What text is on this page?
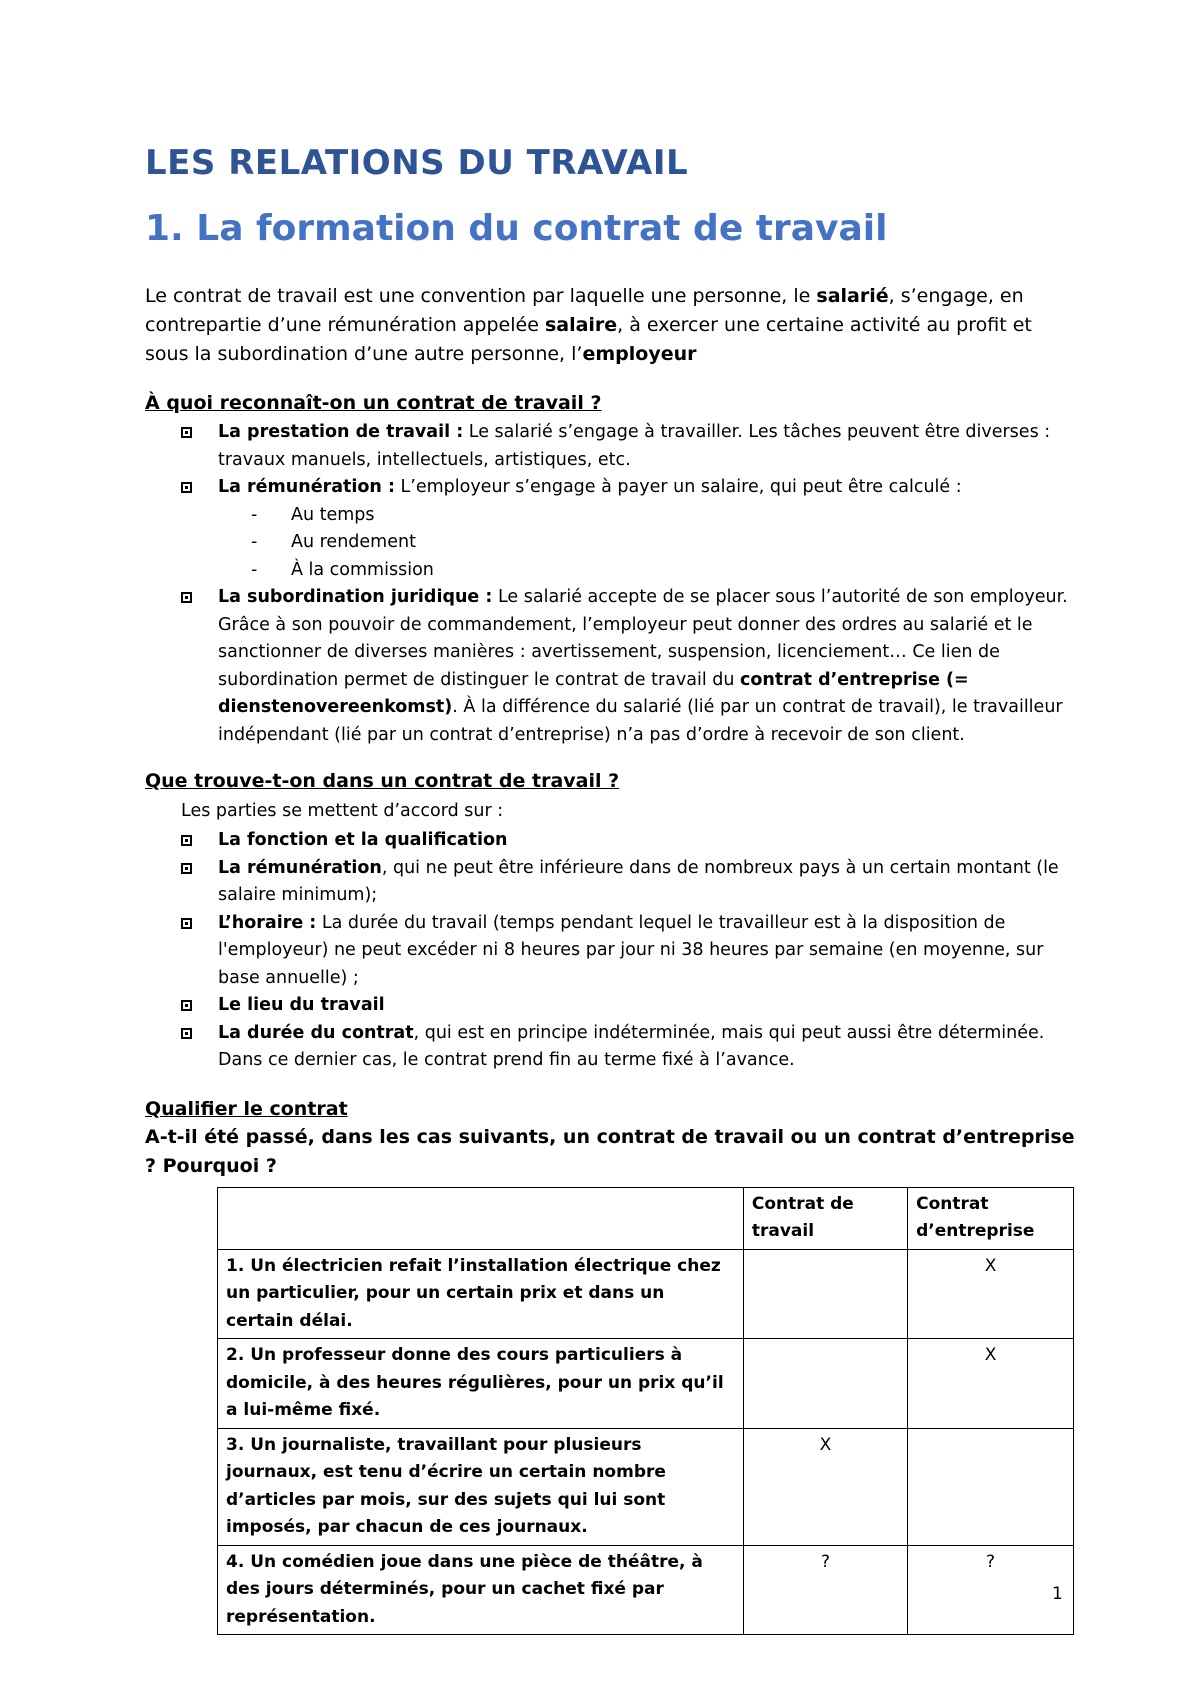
LES RELATIONS DU TRAVAIL
1. La formation du contrat de travail

Le contrat de travail est une convention par laquelle une personne, le salarié, s’engage, en contrepartie d’une rémunération appelée salaire, à exercer une certaine activité au profit et sous la subordination d’une autre personne, l’employeur

À quoi reconnaît-on un contrat de travail ?
La prestation de travail : Le salarié s’engage à travailler. Les tâches peuvent être diverses : travaux manuels, intellectuels, artistiques, etc.
La rémunération : L’employeur s’engage à payer un salaire, qui peut être calculé :
- Au temps
- Au rendement
- À la commission
La subordination juridique : Le salarié accepte de se placer sous l’autorité de son employeur. Grâce à son pouvoir de commandement, l’employeur peut donner des ordres au salarié et le sanctionner de diverses manières : avertissement, suspension, licenciement… Ce lien de subordination permet de distinguer le contrat de travail du contrat d’entreprise (= dienstenovereenkomst). À la différence du salarié (lié par un contrat de travail), le travailleur indépendant (lié par un contrat d’entreprise) n’a pas d’ordre à recevoir de son client.
Que trouve-t-on dans un contrat de travail ?
Les parties se mettent d’accord sur :
La fonction et la qualification
La rémunération, qui ne peut être inférieure dans de nombreux pays à un certain montant (le salaire minimum);
L’horaire : La durée du travail (temps pendant lequel le travailleur est à la disposition de l'employeur) ne peut excéder ni 8 heures par jour ni 38 heures par semaine (en moyenne, sur base annuelle) ;
Le lieu du travail
La durée du contrat, qui est en principe indéterminée, mais qui peut aussi être déterminée. Dans ce dernier cas, le contrat prend fin au terme fixé à l’avance.
Qualifier le contrat
A-t-il été passé, dans les cas suivants, un contrat de travail ou un contrat d’entreprise ? Pourquoi ?
	Contrat de travail	Contrat d’entreprise
1. Un électricien refait l’installation électrique chez un particulier, pour un certain prix et dans un certain délai.		X
2. Un professeur donne des cours particuliers à domicile, à des heures régulières, pour un prix qu’il a lui-même fixé.		X
3. Un journaliste, travaillant pour plusieurs journaux, est tenu d’écrire un certain nombre d’articles par mois, sur des sujets qui lui sont imposés, par chacun de ces journaux.	X	
4. Un comédien joue dans une pièce de théâtre, à des jours déterminés, pour un cachet fixé par représentation.	?	?
1
